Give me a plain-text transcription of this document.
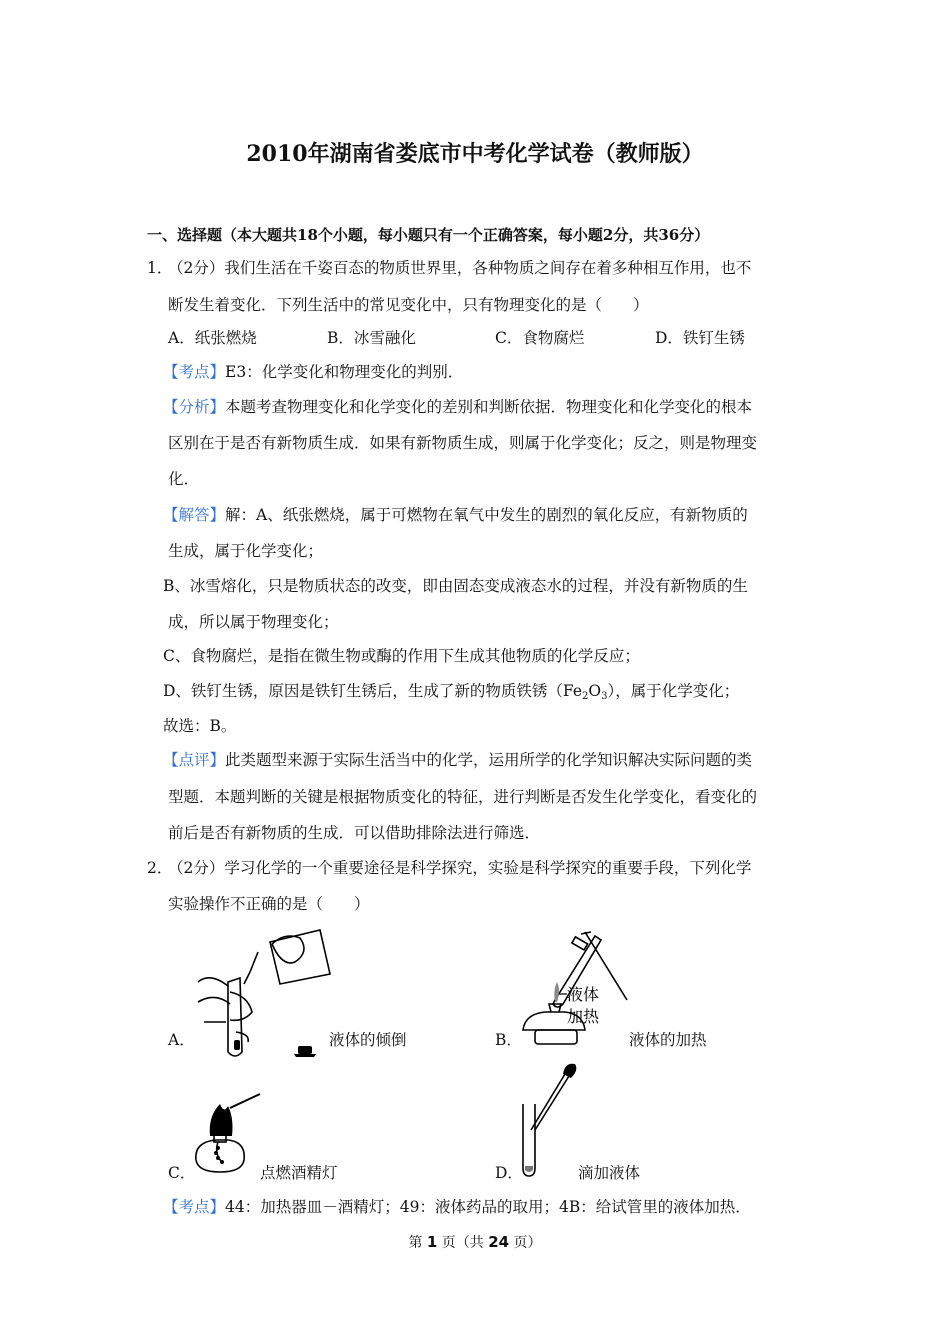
2010年湖南省娄底市中考化学试卷（教师版）
一、选择题（本大题共18个小题，每小题只有一个正确答案，每小题2分，共36分）
1．
（2分）我们生活在千姿百态的物质世界里，各种物质之间存在着多种相互作用，也不
断发生着变化．下列生活中的常见变化中，只有物理变化的是（　　）
A．纸张燃烧	B．冰雪融化	C．食物腐烂	D．铁钉生锈
【考点】E3：化学变化和物理变化的判别．
【分析】本题考查物理变化和化学变化的差别和判断依据．物理变化和化学变化的根本
区别在于是否有新物质生成．如果有新物质生成，则属于化学变化；反之，则是物理变
化．
【解答】解：A、纸张燃烧，属于可燃物在氧气中发生的剧烈的氧化反应，有新物质的
生成，属于化学变化；
B、冰雪熔化，只是物质状态的改变，即由固态变成液态水的过程，并没有新物质的生
成，所以属于物理变化；
C、食物腐烂，是指在微生物或酶的作用下生成其他物质的化学反应；
D、铁钉生锈，原因是铁钉生锈后，生成了新的物质铁锈$(Fe_2O_3)$，属于化学变化；
故选：B。
【点评】此类题型来源于实际生活当中的化学，运用所学的化学知识解决实际问题的类
型题．本题判断的关键是根据物质变化的特征，进行判断是否发生化学变化，看变化的
前后是否有新物质的生成．可以借助排除法进行筛选．
2．
（2分）学习化学的一个重要途径是科学探究，实验是科学探究的重要手段，下列化学
实验操作不正确的是（　　）
A．	液体的倾倒
液体
加热
B．	液体的加热
C．	点燃酒精灯	D．	滴加液体
【考点】44：加热器皿－酒精灯；49：液体药品的取用；4B：给试管里的液体加热．
第 1 页（共 24 页）
